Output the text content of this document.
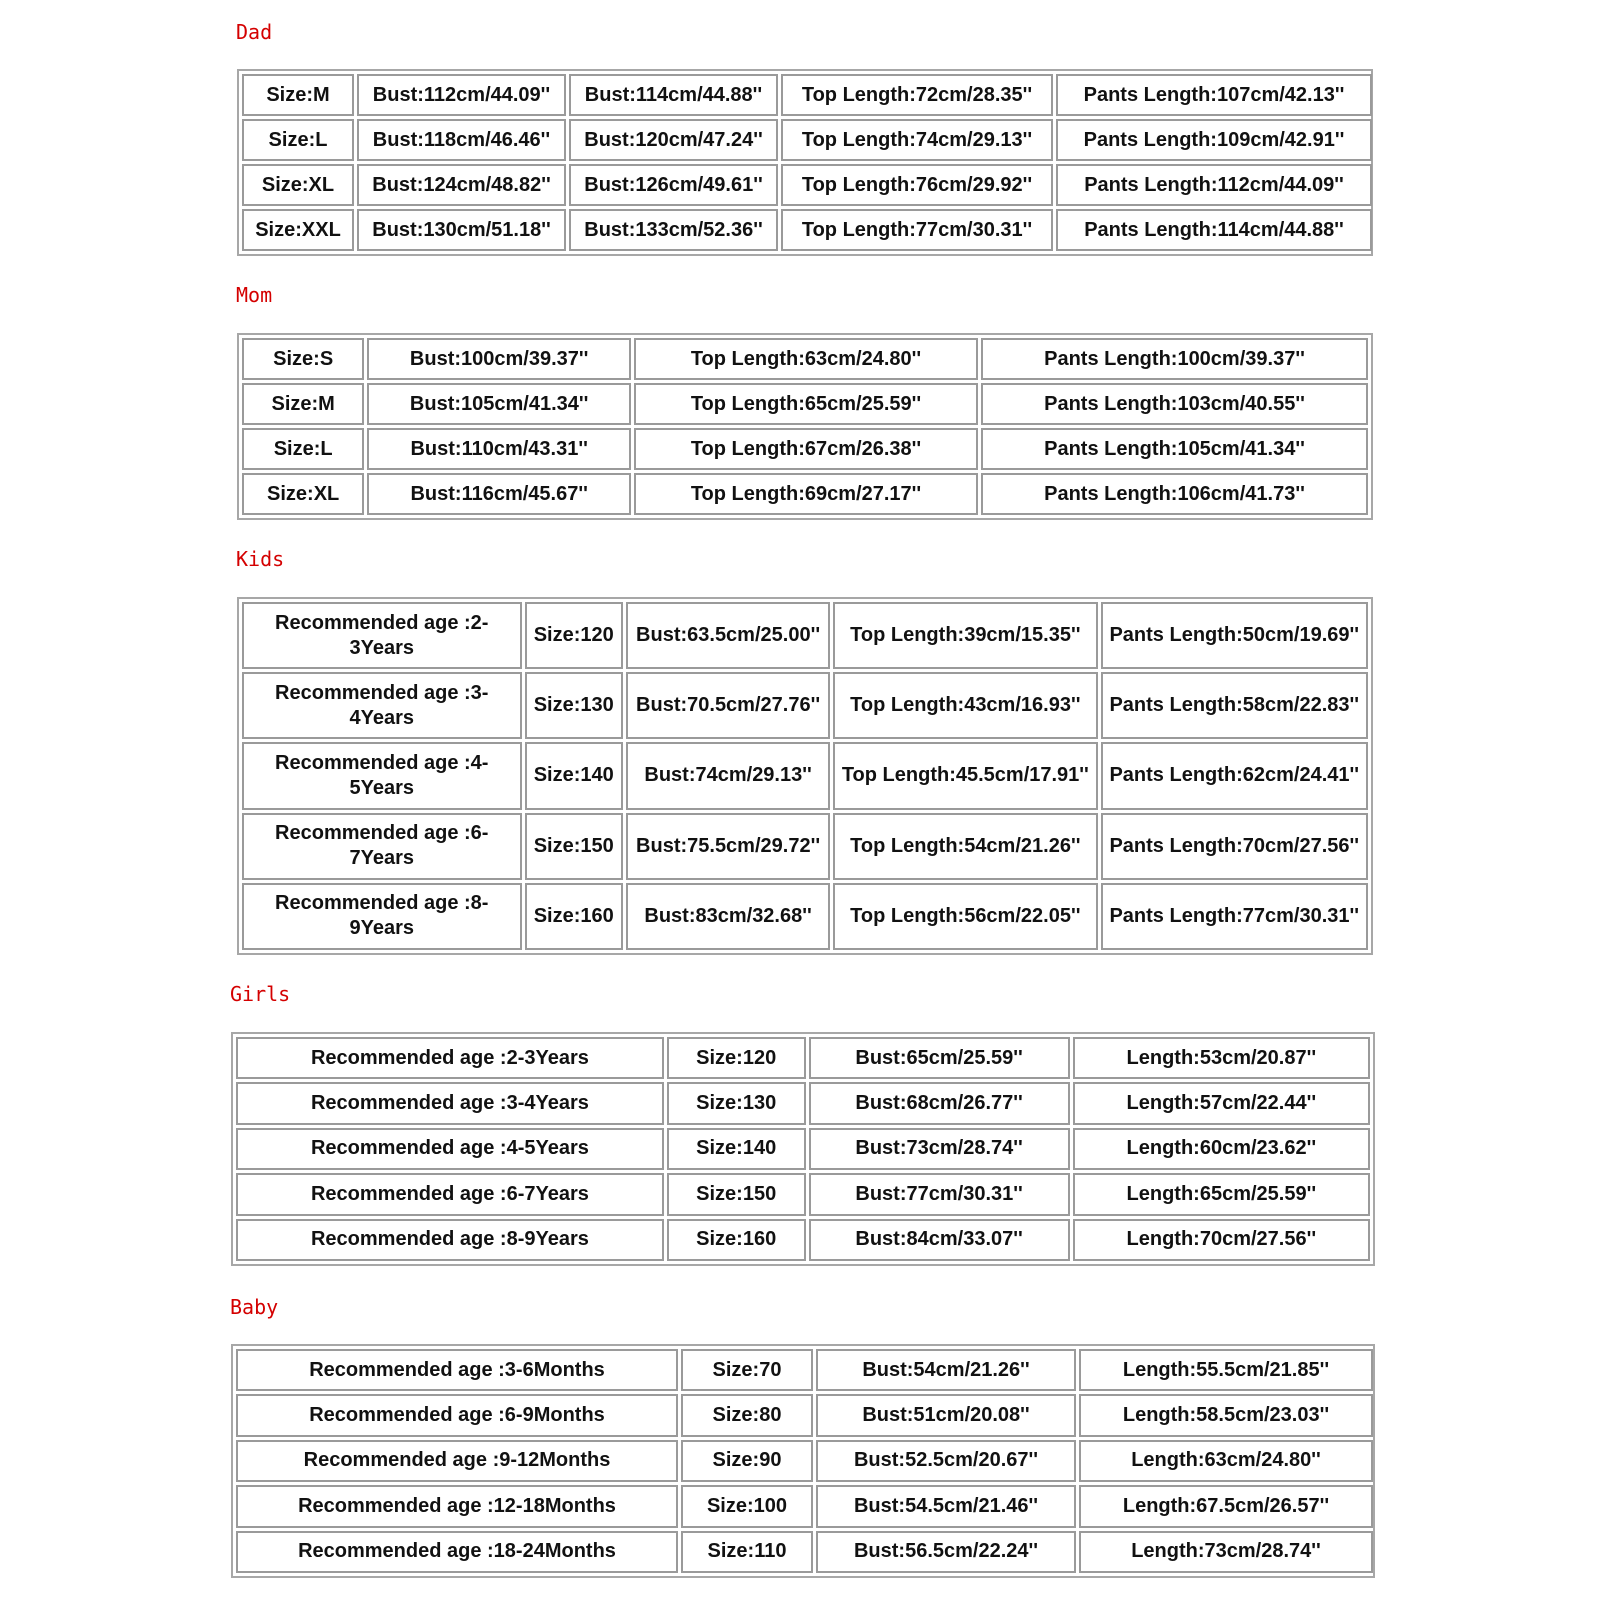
Dad
Size:M	Bust:112cm/44.09''	Bust:114cm/44.88''	Top Length:72cm/28.35''	Pants Length:107cm/42.13''
Size:L	Bust:118cm/46.46''	Bust:120cm/47.24''	Top Length:74cm/29.13''	Pants Length:109cm/42.91''
Size:XL	Bust:124cm/48.82''	Bust:126cm/49.61''	Top Length:76cm/29.92''	Pants Length:112cm/44.09''
Size:XXL	Bust:130cm/51.18''	Bust:133cm/52.36''	Top Length:77cm/30.31''	Pants Length:114cm/44.88''
Mom
Size:S	Bust:100cm/39.37''	Top Length:63cm/24.80''	Pants Length:100cm/39.37''
Size:M	Bust:105cm/41.34''	Top Length:65cm/25.59''	Pants Length:103cm/40.55''
Size:L	Bust:110cm/43.31''	Top Length:67cm/26.38''	Pants Length:105cm/41.34''
Size:XL	Bust:116cm/45.67''	Top Length:69cm/27.17''	Pants Length:106cm/41.73''
Kids
Recommended age :2-3Years	Size:120	Bust:63.5cm/25.00''	Top Length:39cm/15.35''	Pants Length:50cm/19.69''
Recommended age :3-4Years	Size:130	Bust:70.5cm/27.76''	Top Length:43cm/16.93''	Pants Length:58cm/22.83''
Recommended age :4-5Years	Size:140	Bust:74cm/29.13''	Top Length:45.5cm/17.91''	Pants Length:62cm/24.41''
Recommended age :6-7Years	Size:150	Bust:75.5cm/29.72''	Top Length:54cm/21.26''	Pants Length:70cm/27.56''
Recommended age :8-9Years	Size:160	Bust:83cm/32.68''	Top Length:56cm/22.05''	Pants Length:77cm/30.31''
Girls
Recommended age :2-3Years	Size:120	Bust:65cm/25.59''	Length:53cm/20.87''
Recommended age :3-4Years	Size:130	Bust:68cm/26.77''	Length:57cm/22.44''
Recommended age :4-5Years	Size:140	Bust:73cm/28.74''	Length:60cm/23.62''
Recommended age :6-7Years	Size:150	Bust:77cm/30.31''	Length:65cm/25.59''
Recommended age :8-9Years	Size:160	Bust:84cm/33.07''	Length:70cm/27.56''
Baby
Recommended age :3-6Months	Size:70	Bust:54cm/21.26''	Length:55.5cm/21.85''
Recommended age :6-9Months	Size:80	Bust:51cm/20.08''	Length:58.5cm/23.03''
Recommended age :9-12Months	Size:90	Bust:52.5cm/20.67''	Length:63cm/24.80''
Recommended age :12-18Months	Size:100	Bust:54.5cm/21.46''	Length:67.5cm/26.57''
Recommended age :18-24Months	Size:110	Bust:56.5cm/22.24''	Length:73cm/28.74''
